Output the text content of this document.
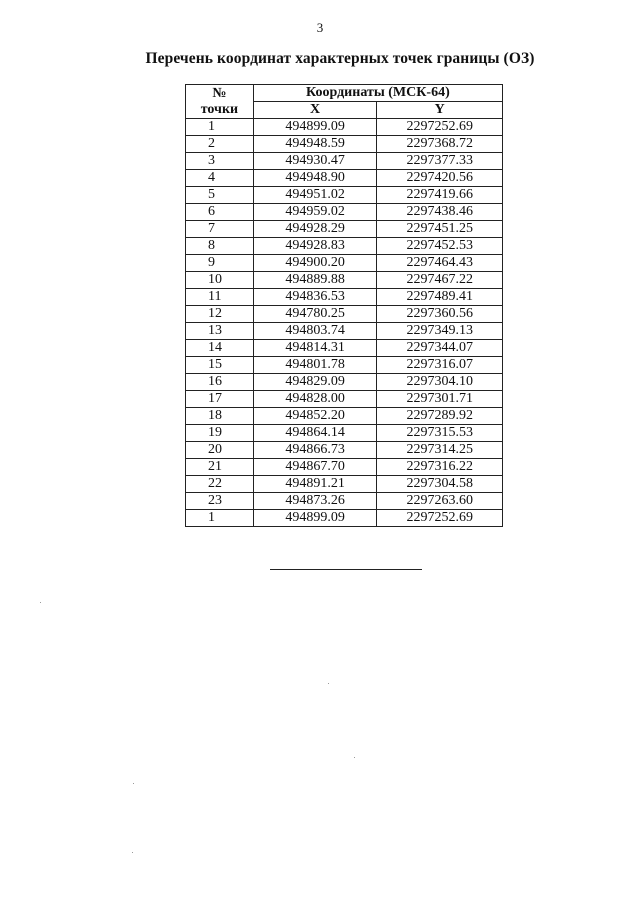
3
Перечень координат характерных точек границы (ОЗ)
№
точки	Координаты (МСК-64)	
	X	Y
1	494899.09	2297252.69
2	494948.59	2297368.72
3	494930.47	2297377.33
4	494948.90	2297420.56
5	494951.02	2297419.66
6	494959.02	2297438.46
7	494928.29	2297451.25
8	494928.83	2297452.53
9	494900.20	2297464.43
10	494889.88	2297467.22
11	494836.53	2297489.41
12	494780.25	2297360.56
13	494803.74	2297349.13
14	494814.31	2297344.07
15	494801.78	2297316.07
16	494829.09	2297304.10
17	494828.00	2297301.71
18	494852.20	2297289.92
19	494864.14	2297315.53
20	494866.73	2297314.25
21	494867.70	2297316.22
22	494891.21	2297304.58
23	494873.26	2297263.60
1	494899.09	2297252.69
